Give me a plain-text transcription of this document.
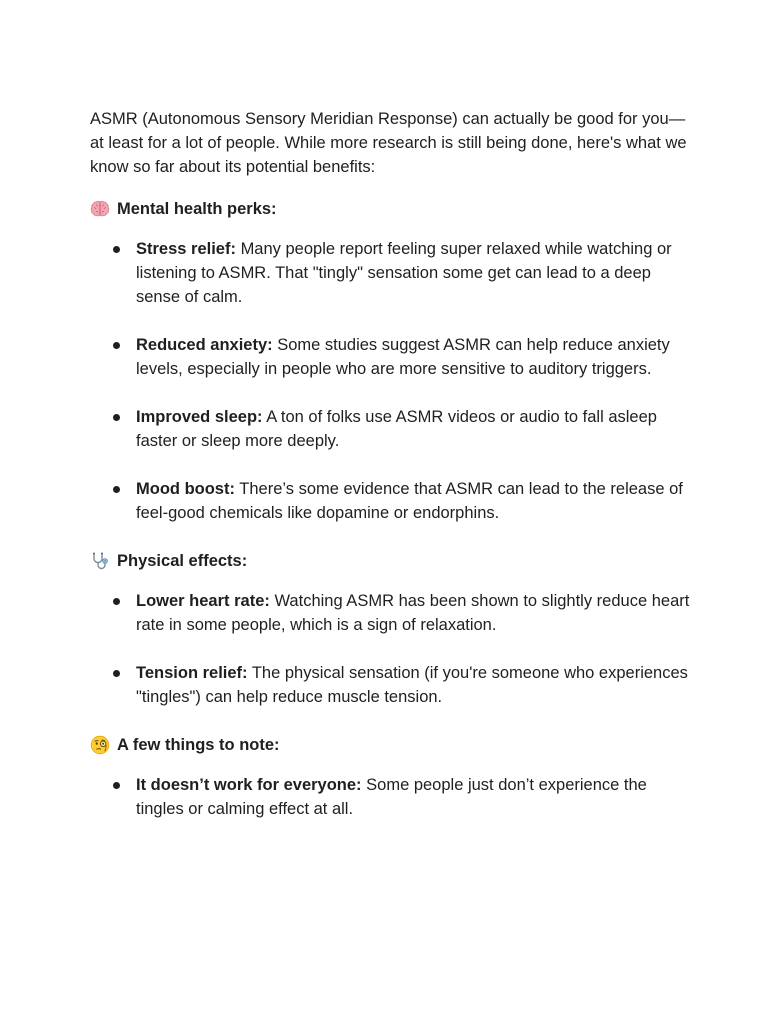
ASMR (Autonomous Sensory Meridian Response) can actually be good for you—at least for a lot of people. While more research is still being done, here's what we know so far about its potential benefits:

Mental health perks:
Stress relief: Many people report feeling super relaxed while watching or listening to ASMR. That "tingly" sensation some get can lead to a deep sense of calm.
Reduced anxiety: Some studies suggest ASMR can help reduce anxiety levels, especially in people who are more sensitive to auditory triggers.
Improved sleep: A ton of folks use ASMR videos or audio to fall asleep faster or sleep more deeply.
Mood boost: There’s some evidence that ASMR can lead to the release of feel-good chemicals like dopamine or endorphins.
Physical effects:
Lower heart rate: Watching ASMR has been shown to slightly reduce heart rate in some people, which is a sign of relaxation.
Tension relief: The physical sensation (if you're someone who experiences "tingles") can help reduce muscle tension.
A few things to note:
It doesn’t work for everyone: Some people just don’t experience the tingles or calming effect at all.
